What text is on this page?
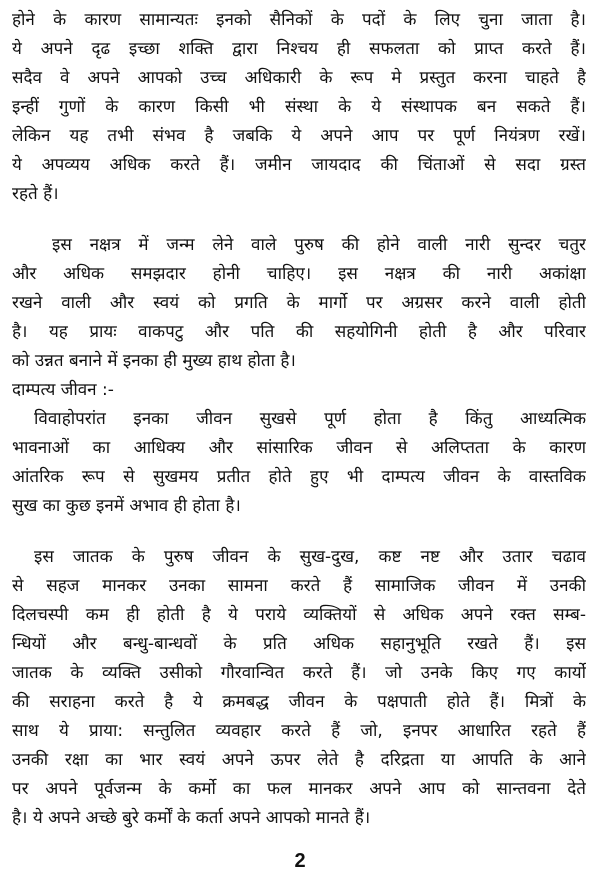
होने के कारण सामान्यतः इनको सैनिकों के पदों के लिए चुना जाता है।
ये अपने दृढ इच्छा शक्ति द्वारा निश्चय ही सफलता को प्राप्त करते हैं।
सदैव वे अपने आपको उच्च अधिकारी के रूप मे प्रस्तुत करना चाहते है
इन्हीं गुणों के कारण किसी भी संस्था के ये संस्थापक बन सकते हैं।
लेकिन यह तभी संभव है जबकि ये अपने आप पर पूर्ण नियंत्रण रखें।
ये अपव्यय अधिक करते हैं। जमीन जायदाद की चिंताओं से सदा ग्रस्त
रहते हैं।
इस नक्षत्र में जन्म लेने वाले पुरुष की होने वाली नारी सुन्दर चतुर
और अधिक समझदार होनी चाहिए। इस नक्षत्र की नारी अकांक्षा
रखने वाली और स्वयं को प्रगति के मार्गो पर अग्रसर करने वाली होती
है। यह प्रायः वाकपटु और पति की सहयोगिनी होती है और परिवार
को उन्नत बनाने में इनका ही मुख्य हाथ होता है।
दाम्पत्य जीवन :-
विवाहोपरांत इनका जीवन सुखसे पूर्ण होता है किंतु आध्यत्मिक
भावनाओं का आधिक्य और सांसारिक जीवन से अलिप्तता के कारण
आंतरिक रूप से सुखमय प्रतीत होते हुए भी दाम्पत्य जीवन के वास्तविक
सुख का कुछ इनमें अभाव ही होता है।
इस जातक के पुरुष जीवन के सुख-दुख, कष्ट नष्ट और उतार चढाव
से सहज मानकर उनका सामना करते हैं सामाजिक जीवन में उनकी
दिलचस्पी कम ही होती है ये पराये व्यक्तियों से अधिक अपने रक्त सम्ब-
न्धियों और बन्धु-बान्धवों के प्रति अधिक सहानुभूति रखते हैं। इस
जातक के व्यक्ति उसीको गौरवान्वित करते हैं। जो उनके किए गए कार्यो
की सराहना करते है ये क्रमबद्ध जीवन के पक्षपाती होते हैं। मित्रों के
साथ ये प्राया: सन्तुलित व्यवहार करते हैं जो, इनपर आधारित रहते हैं
उनकी रक्षा का भार स्वयं अपने ऊपर लेते है दरिद्रता या आपति के आने
पर अपने पूर्वजन्म के कर्मो का फल मानकर अपने आप को सान्तवना देते
है। ये अपने अच्छे बुरे कर्मों के कर्ता अपने आपको मानते हैं।
2
